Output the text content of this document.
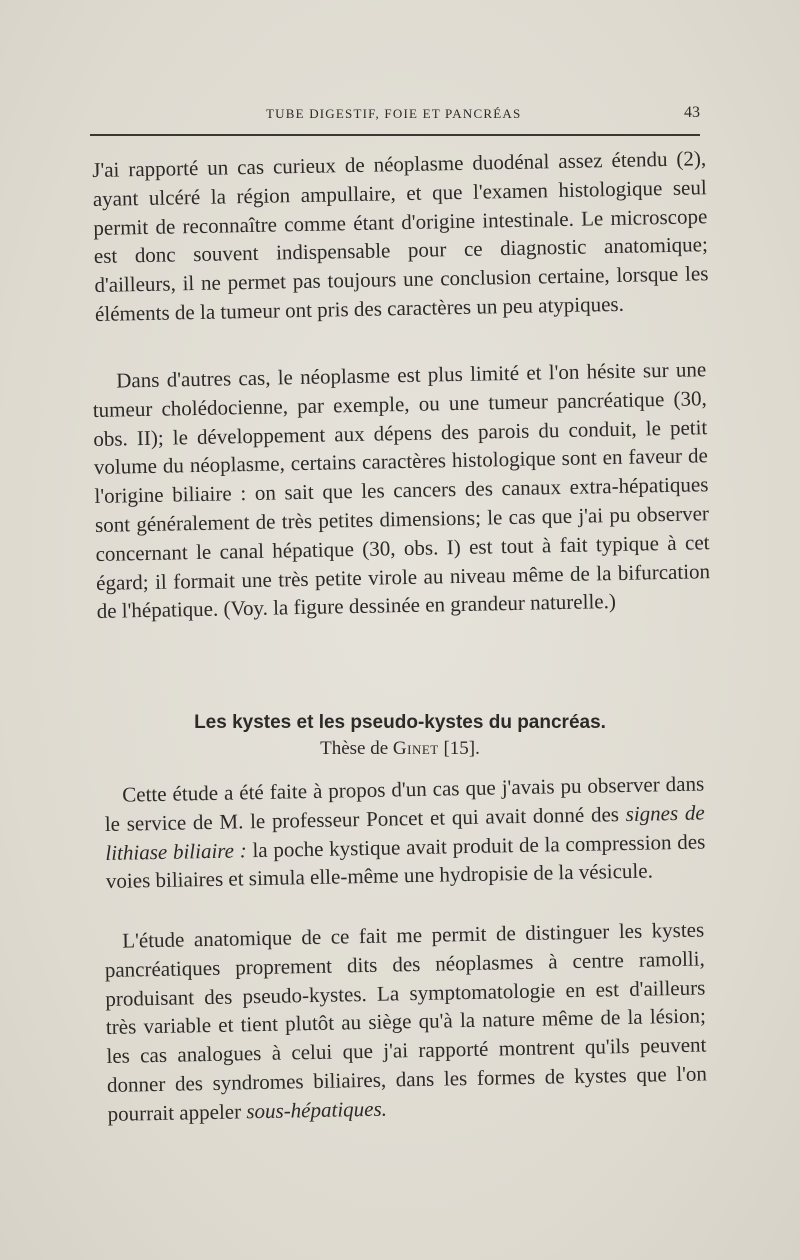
TUBE DIGESTIF, FOIE ET PANCRÉAS	43

J'ai rapporté un cas curieux de néoplasme duodénal assez étendu (2), ayant ulcéré la région ampullaire, et que l'examen histologique seul permit de reconnaître comme étant d'origine intestinale. Le microscope est donc souvent indispensable pour ce diagnostic anatomique; d'ailleurs, il ne permet pas toujours une conclusion certaine, lorsque les éléments de la tumeur ont pris des caractères un peu atypiques.

Dans d'autres cas, le néoplasme est plus limité et l'on hésite sur une tumeur cholédocienne, par exemple, ou une tumeur pancréatique (30, obs. II); le développement aux dépens des parois du conduit, le petit volume du néoplasme, certains caractères histologique sont en faveur de l'origine biliaire : on sait que les cancers des canaux extra-hépatiques sont généralement de très petites dimensions; le cas que j'ai pu observer concernant le canal hépatique (30, obs. I) est tout à fait typique à cet égard; il formait une très petite virole au niveau même de la bifurcation de l'hépatique. (Voy. la figure dessinée en grandeur naturelle.)

Les kystes et les pseudo-kystes du pancréas.

Thèse de Ginet [15].

Cette étude a été faite à propos d'un cas que j'avais pu observer dans le service de M. le professeur Poncet et qui avait donné des signes de lithiase biliaire : la poche kystique avait produit de la compression des voies biliaires et simula elle-même une hydropisie de la vésicule.

L'étude anatomique de ce fait me permit de distinguer les kystes pancréatiques proprement dits des néoplasmes à centre ramolli, produisant des pseudo-kystes. La symptomatologie en est d'ailleurs très variable et tient plutôt au siège qu'à la nature même de la lésion; les cas analogues à celui que j'ai rapporté montrent qu'ils peuvent donner des syndromes biliaires, dans les formes de kystes que l'on pourrait appeler sous-hépatiques.
